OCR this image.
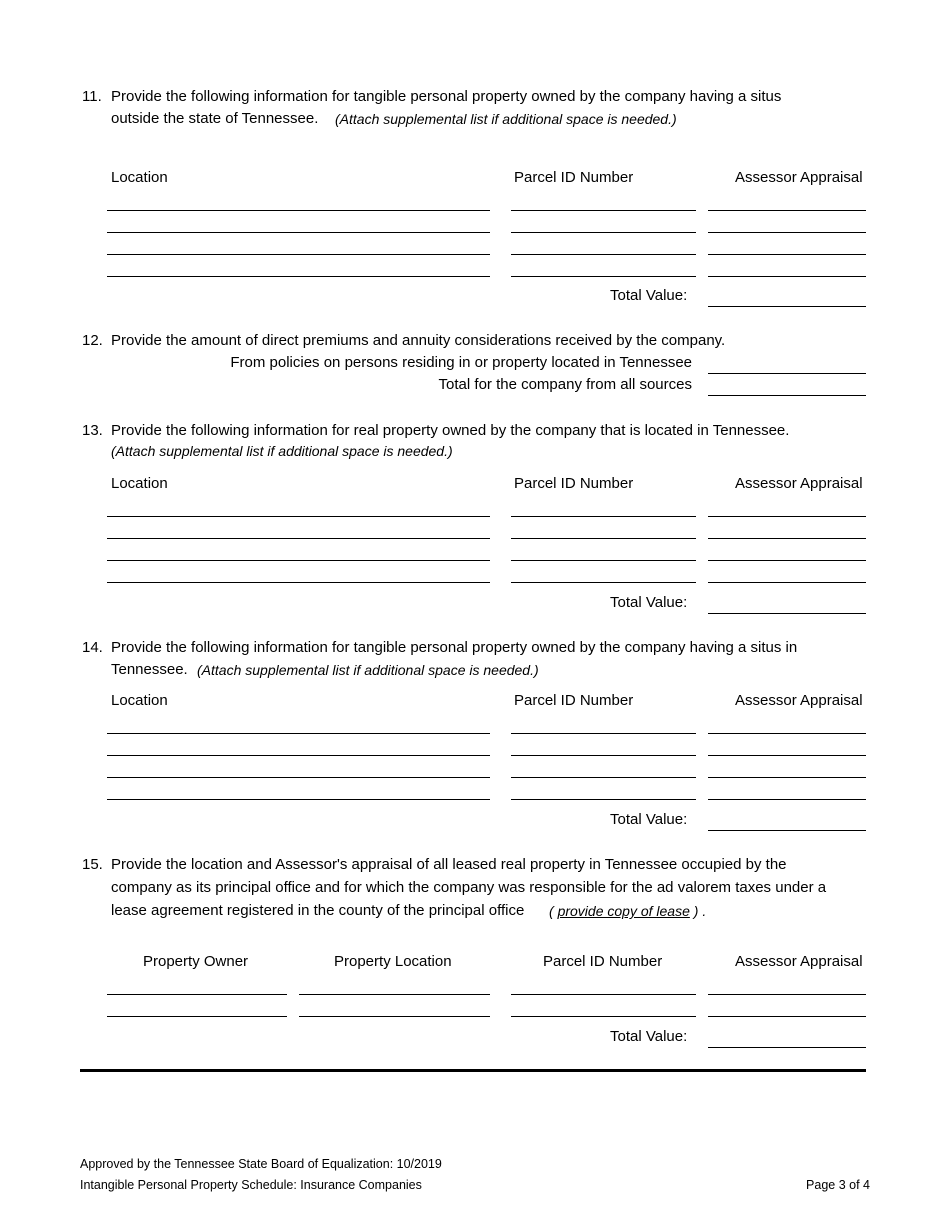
11. Provide the following information for tangible personal property owned by the company having a situs
outside the state of Tennessee. (Attach supplemental list if additional space is needed.)
Location	Parcel ID Number	Assessor Appraisal
Total Value:
12. Provide the amount of direct premiums and annuity considerations received by the company.
From policies on persons residing in or property located in Tennessee
Total for the company from all sources
13. Provide the following information for real property owned by the company that is located in Tennessee.
(Attach supplemental list if additional space is needed.)
Location	Parcel ID Number	Assessor Appraisal
Total Value:
14. Provide the following information for tangible personal property owned by the company having a situs in
Tennessee. (Attach supplemental list if additional space is needed.)
Location	Parcel ID Number	Assessor Appraisal
Total Value:
15. Provide the location and Assessor's appraisal of all leased real property in Tennessee occupied by the
company as its principal office and for which the company was responsible for the ad valorem taxes under a
lease agreement registered in the county of the principal office ( provide copy of lease ) .
Property Owner	Property Location	Parcel ID Number	Assessor Appraisal
Total Value:
Approved by the Tennessee State Board of Equalization: 10/2019
Intangible Personal Property Schedule: Insurance Companies	Page 3 of 4
